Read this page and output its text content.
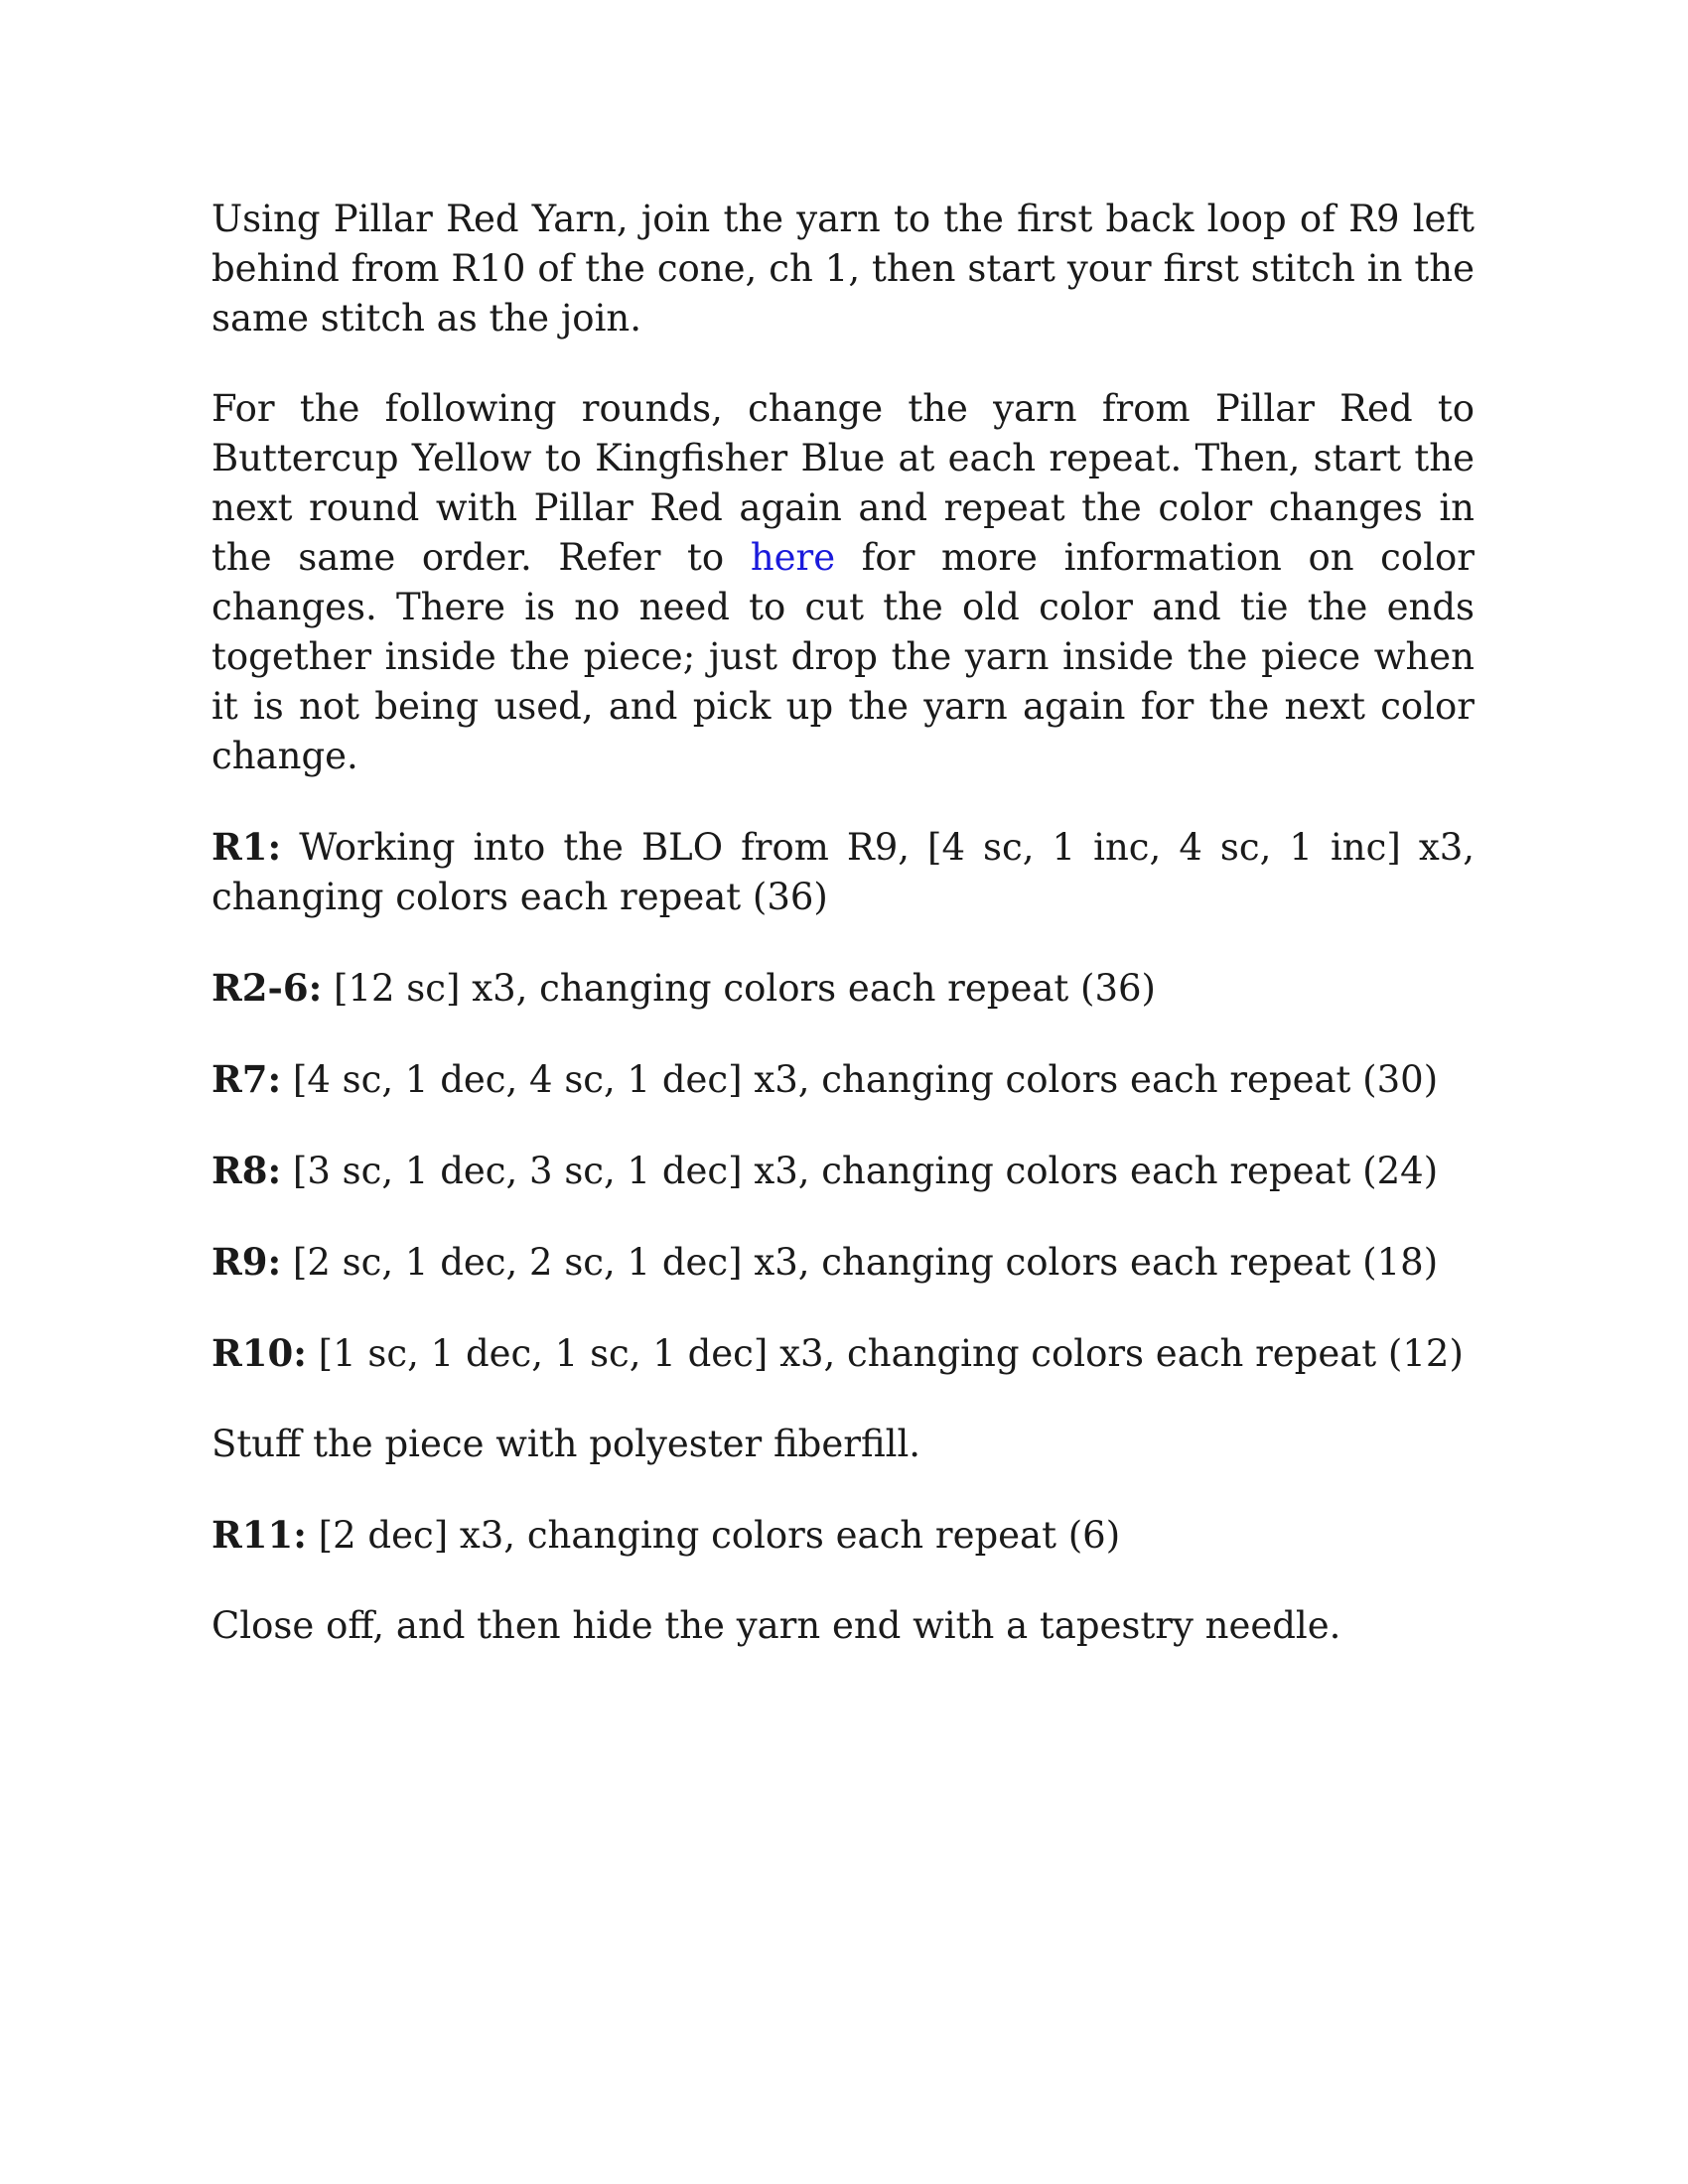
Using Pillar Red Yarn, join the yarn to the first back loop of R9 left behind from R10 of the cone, ch 1, then start your first stitch in the same stitch as the join.

For the following rounds, change the yarn from Pillar Red to Buttercup Yellow to Kingfisher Blue at each repeat. Then, start the next round with Pillar Red again and repeat the color changes in the same order. Refer to here for more information on color changes. There is no need to cut the old color and tie the ends together inside the piece; just drop the yarn inside the piece when it is not being used, and pick up the yarn again for the next color change.

R1: Working into the BLO from R9, [4 sc, 1 inc, 4 sc, 1 inc] x3, changing colors each repeat (36)

R2-6: [12 sc] x3, changing colors each repeat (36)

R7: [4 sc, 1 dec, 4 sc, 1 dec] x3, changing colors each repeat (30)

R8: [3 sc, 1 dec, 3 sc, 1 dec] x3, changing colors each repeat (24)

R9: [2 sc, 1 dec, 2 sc, 1 dec] x3, changing colors each repeat (18)

R10: [1 sc, 1 dec, 1 sc, 1 dec] x3, changing colors each repeat (12)

Stuff the piece with polyester fiberfill.

R11: [2 dec] x3, changing colors each repeat (6)

Close off, and then hide the yarn end with a tapestry needle.
